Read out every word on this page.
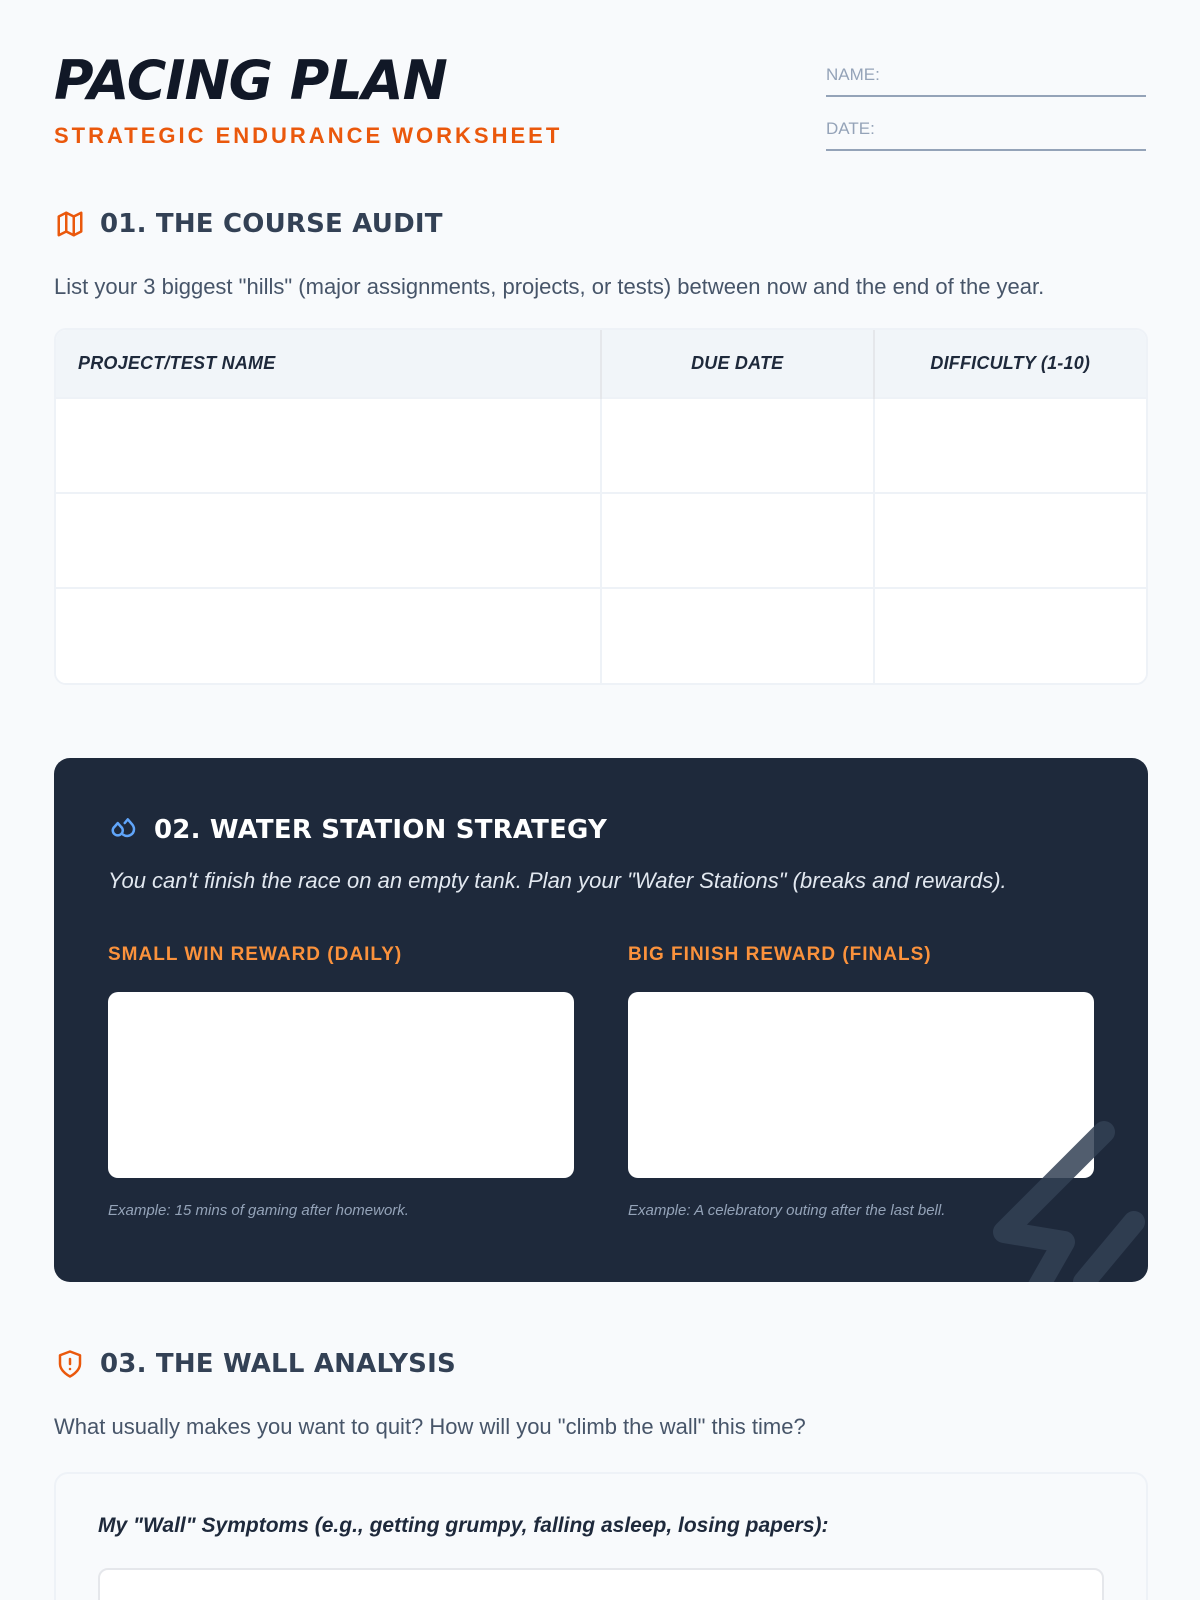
PACING PLAN
STRATEGIC ENDURANCE WORKSHEET
NAME:
DATE:
01. THE COURSE AUDIT
List your 3 biggest "hills" (major assignments, projects, or tests) between now and the end of the year.
PROJECT/TEST NAME	DUE DATE	DIFFICULTY (1-10)

02. WATER STATION STRATEGY
You can't finish the race on an empty tank. Plan your "Water Stations" (breaks and rewards).
SMALL WIN REWARD (DAILY)
Example: 15 mins of gaming after homework.
BIG FINISH REWARD (FINALS)
Example: A celebratory outing after the last bell.
03. THE WALL ANALYSIS
What usually makes you want to quit? How will you "climb the wall" this time?
My "Wall" Symptoms (e.g., getting grumpy, falling asleep, losing papers):
